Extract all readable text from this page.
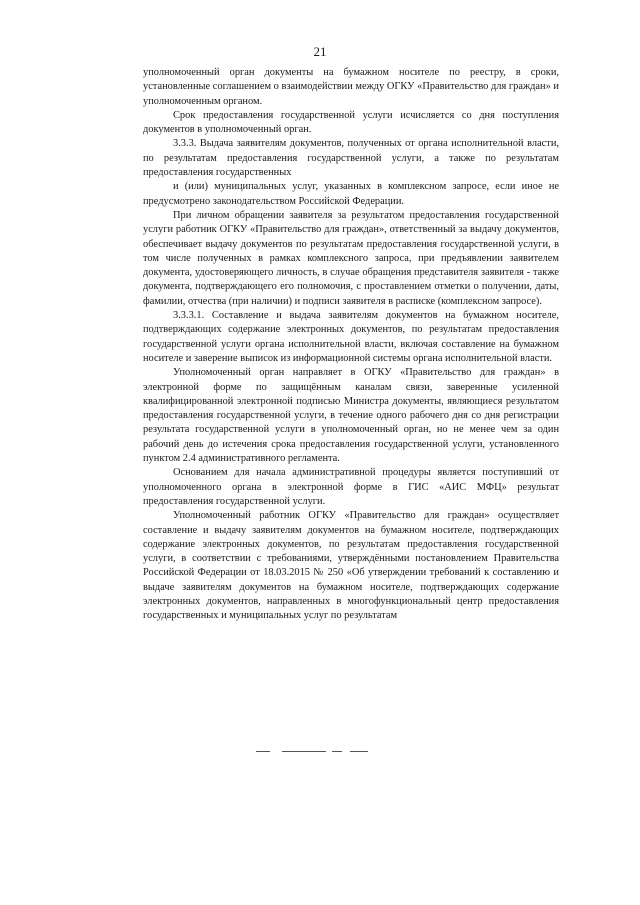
21

уполномоченный орган документы на бумажном носителе по реестру, в сроки, установленные соглашением о взаимодействии между ОГКУ «Правительство для граждан» и уполномоченным органом.

Срок предоставления государственной услуги исчисляется со дня поступления документов в уполномоченный орган.

3.3.3. Выдача заявителям документов, полученных от органа исполнительной власти, по результатам предоставления государственной услуги, а также по результатам предоставления государственных

и (или) муниципальных услуг, указанных в комплексном запросе, если иное не предусмотрено законодательством Российской Федерации.

При личном обращении заявителя за результатом предоставления государственной услуги работник ОГКУ «Правительство для граждан», ответственный за выдачу документов, обеспечивает выдачу документов по результатам предоставления государственной услуги, в том числе полученных в рамках комплексного запроса, при предъявлении заявителем документа, удостоверяющего личность, в случае обращения представителя заявителя - также документа, подтверждающего его полномочия, с проставлением отметки о получении, даты, фамилии, отчества (при наличии) и подписи заявителя в расписке (комплексном запросе).

3.3.3.1. Составление и выдача заявителям документов на бумажном носителе, подтверждающих содержание электронных документов, по результатам предоставления государственной услуги органа исполнительной власти, включая составление на бумажном носителе и заверение выписок из информационной системы органа исполнительной власти.

Уполномоченный орган направляет в ОГКУ «Правительство для граждан» в электронной форме по защищённым каналам связи, заверенные усиленной квалифицированной электронной подписью Министра документы, являющиеся результатом предоставления государственной услуги, в течение одного рабочего дня со дня регистрации результата государственной услуги в уполномоченный орган, но не менее чем за один рабочий день до истечения срока предоставления государственной услуги, установленного пунктом 2.4 административного регламента.

Основанием для начала административной процедуры является поступивший от уполномоченного органа в электронной форме в ГИС «АИС МФЦ» результат предоставления государственной услуги.

Уполномоченный работник ОГКУ «Правительство для граждан» осуществляет составление и выдачу заявителям документов на бумажном носителе, подтверждающих содержание электронных документов, по результатам предоставления государственной услуги, в соответствии с требованиями, утверждёнными постановлением Правительства Российской Федерации от 18.03.2015 № 250 «Об утверждении требований к составлению и выдаче заявителям документов на бумажном носителе, подтверждающих содержание электронных документов, направленных в многофункциональный центр предоставления государственных и муниципальных услуг по результатам
